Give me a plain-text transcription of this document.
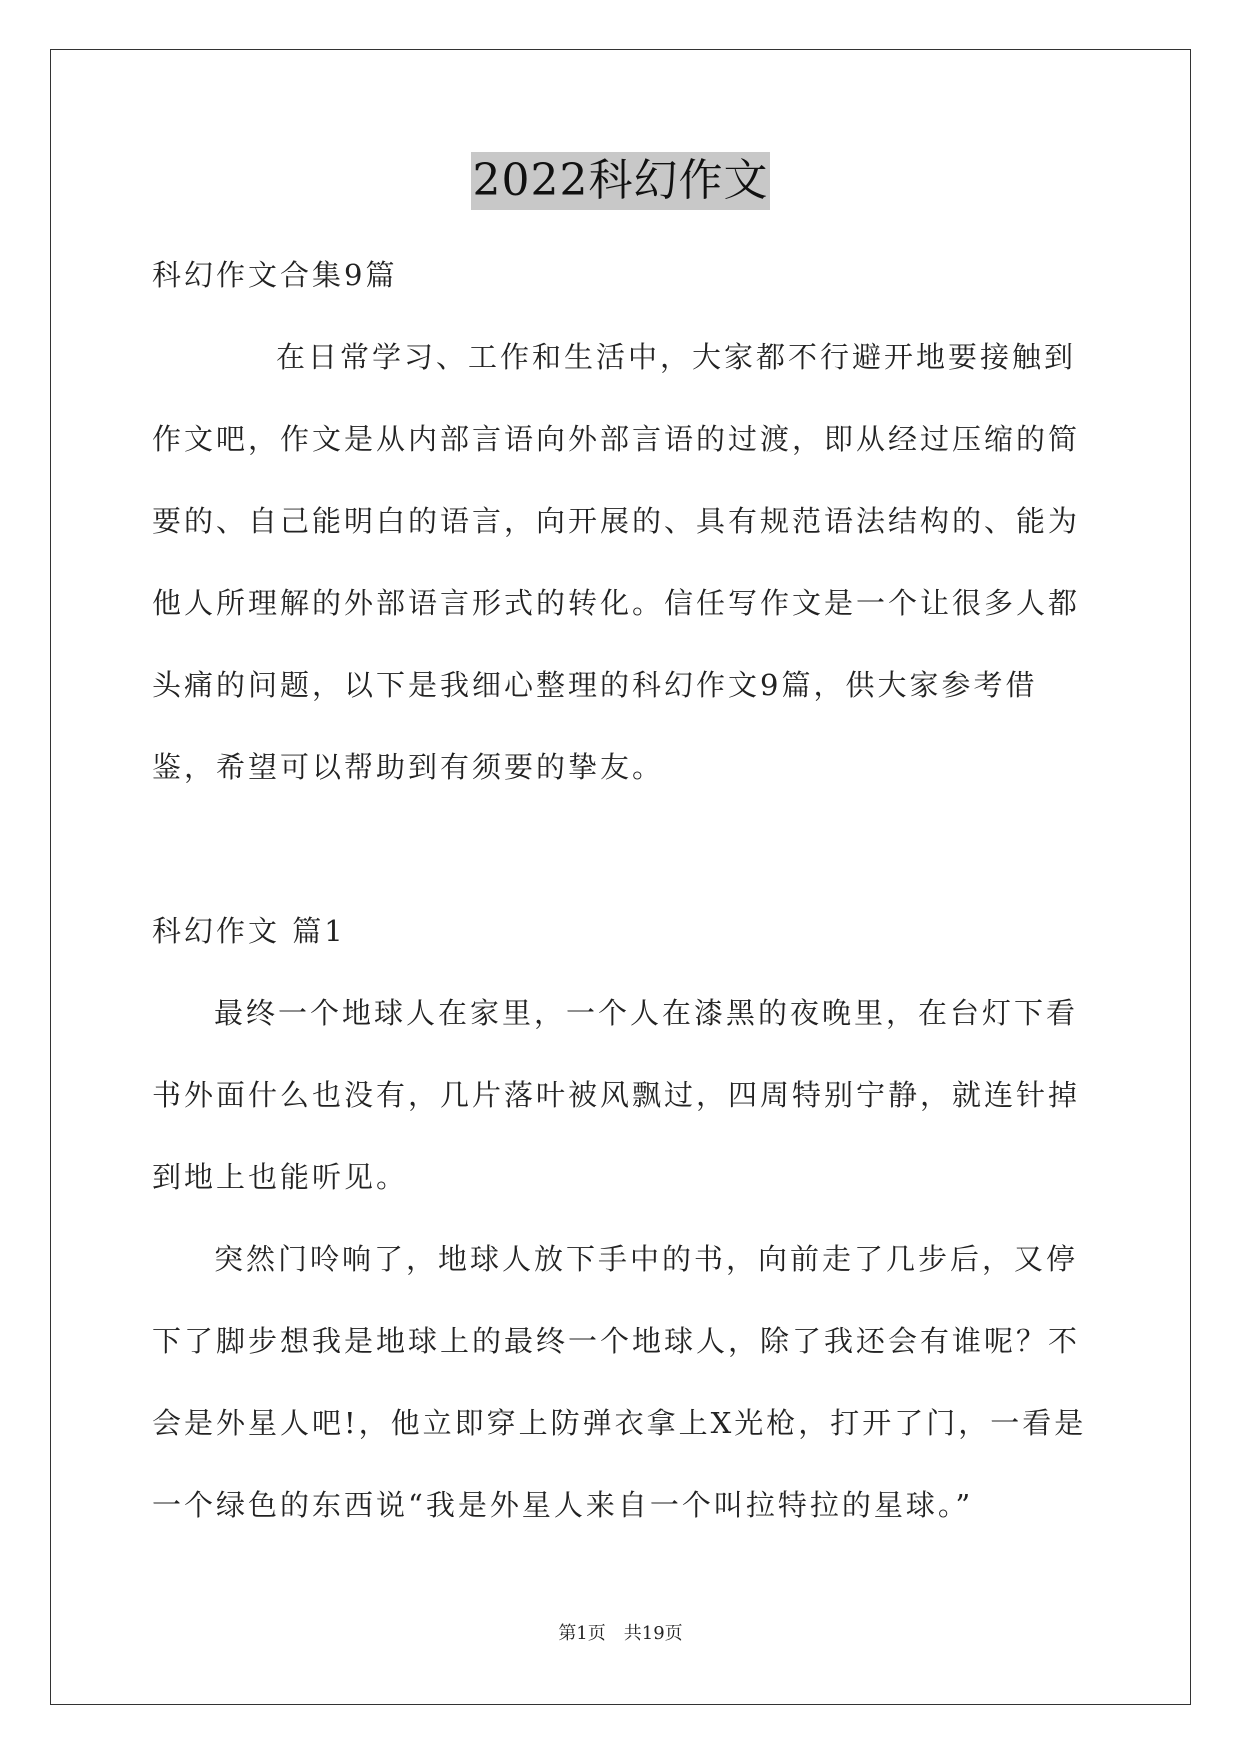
2022科幻作文

科幻作文合集9篇

在日常学习、工作和生活中，大家都不行避开地要接触到作文吧，作文是从内部言语向外部言语的过渡，即从经过压缩的简要的、自己能明白的语言，向开展的、具有规范语法结构的、能为他人所理解的外部语言形式的转化。信任写作文是一个让很多人都头痛的问题，以下是我细心整理的科幻作文9篇，供大家参考借鉴，希望可以帮助到有须要的挚友。

科幻作文 篇1

最终一个地球人在家里，一个人在漆黑的夜晚里，在台灯下看书外面什么也没有，几片落叶被风飘过，四周特别宁静，就连针掉到地上也能听见。

突然门呤响了，地球人放下手中的书，向前走了几步后，又停下了脚步想我是地球上的最终一个地球人，除了我还会有谁呢？不会是外星人吧!，他立即穿上防弹衣拿上X光枪，打开了门，一看是一个绿色的东西说“我是外星人来自一个叫拉特拉的星球。”

第1页 共19页
